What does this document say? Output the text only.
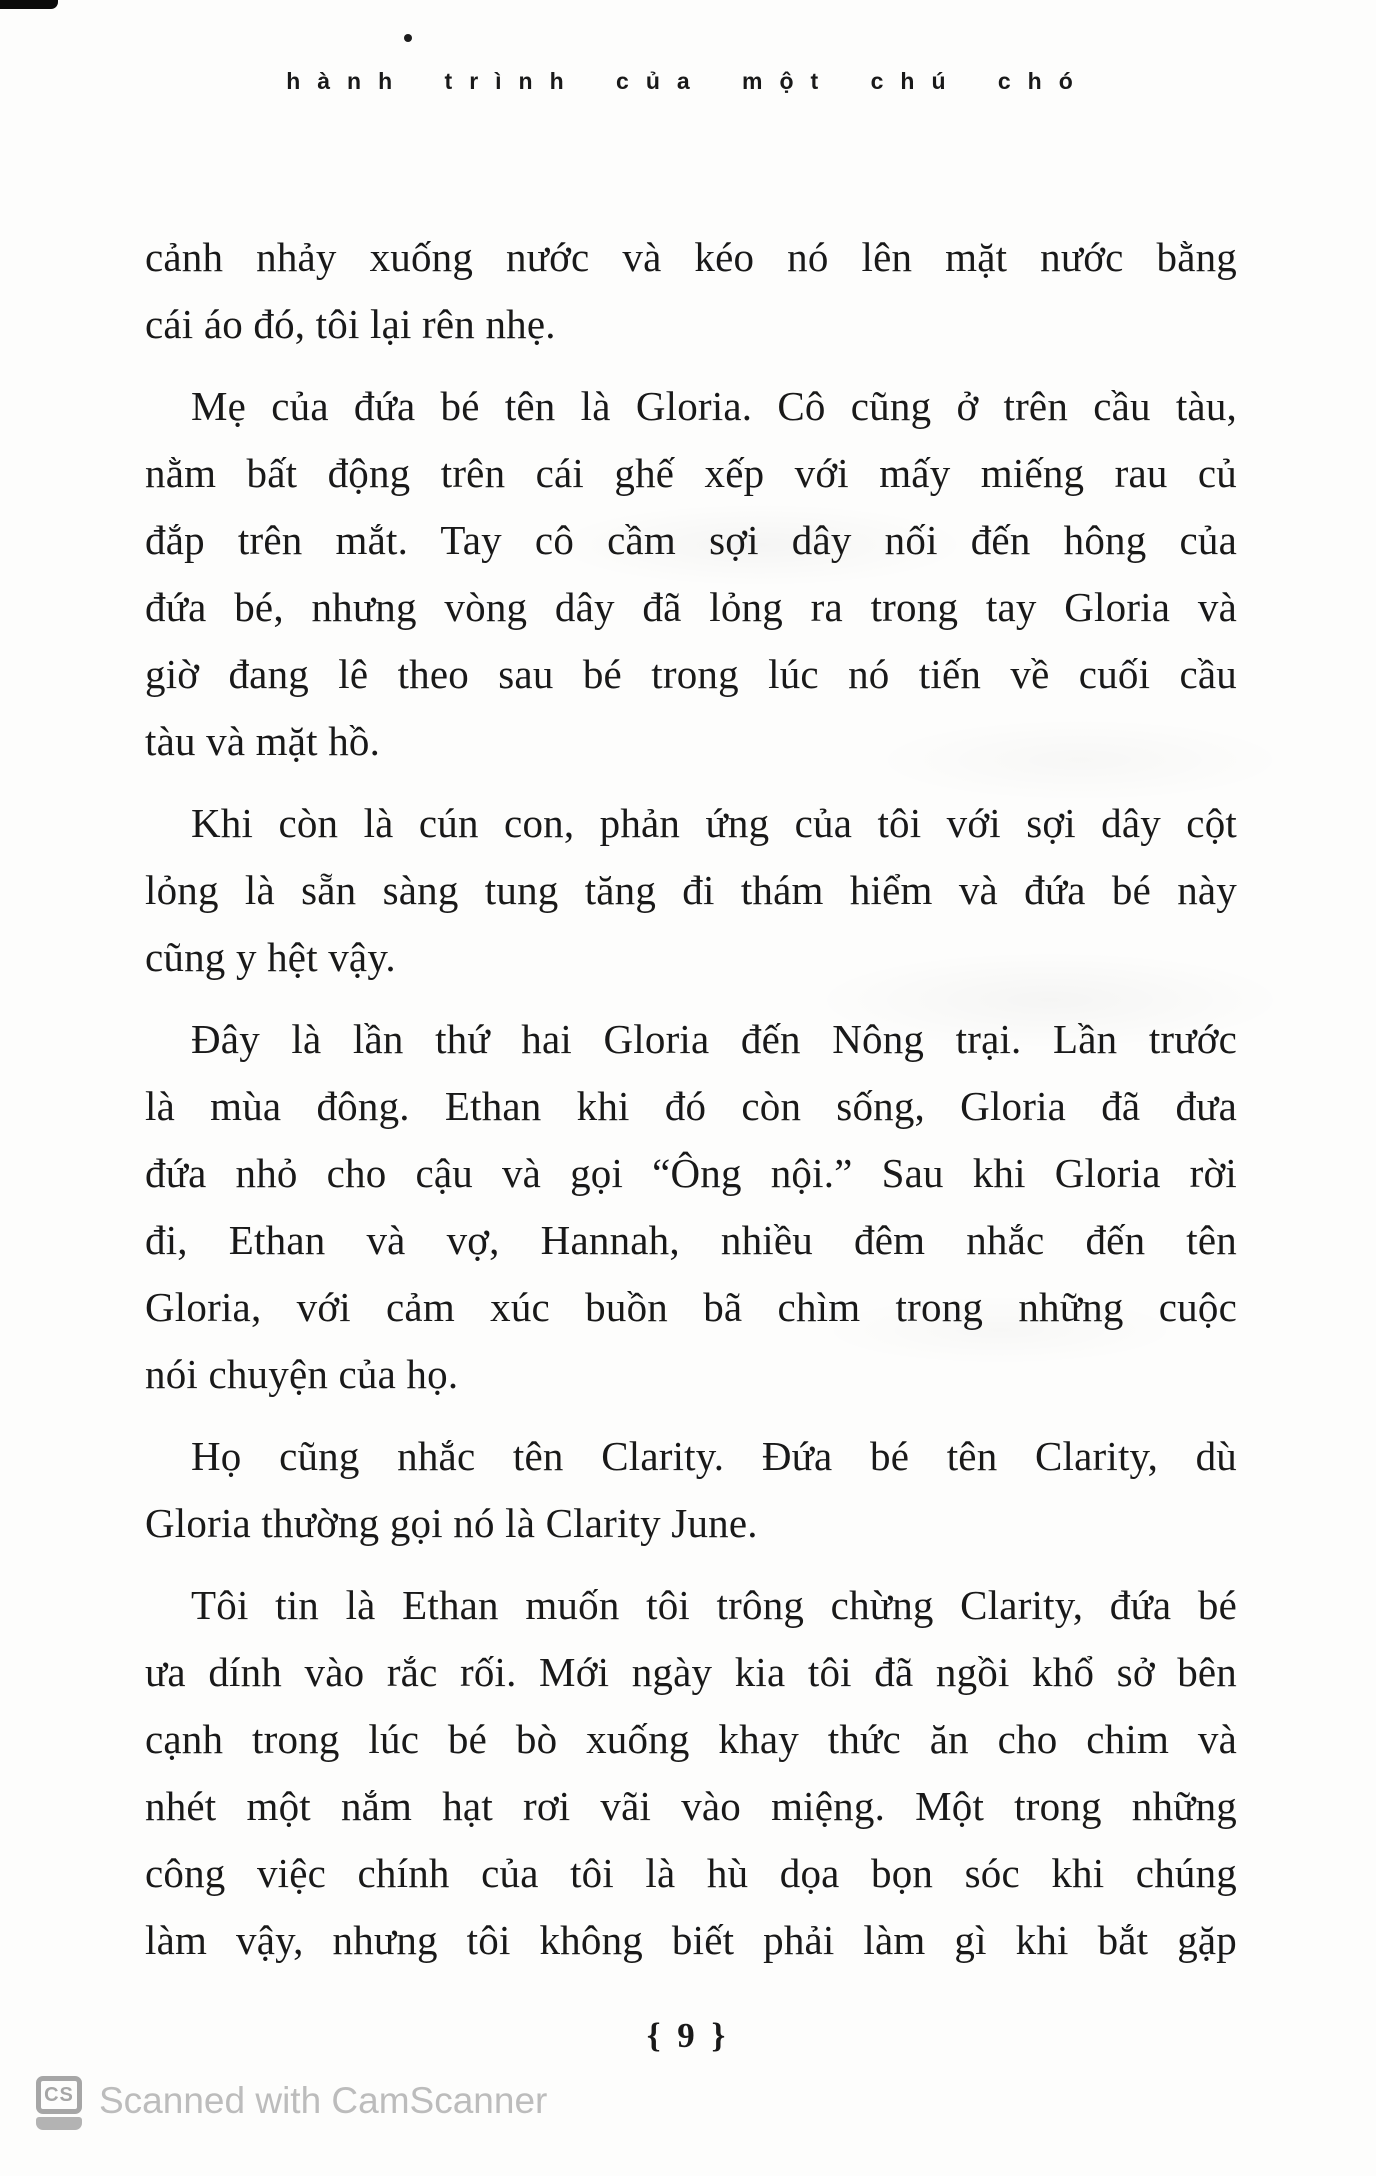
hành trình của một chú chó
cảnh nhảy xuống nước và kéo nó lên mặt nước bằng
cái áo đó, tôi lại rên nhẹ.
Mẹ của đứa bé tên là Gloria. Cô cũng ở trên cầu tàu,
nằm bất động trên cái ghế xếp với mấy miếng rau củ
đắp trên mắt. Tay cô cầm sợi dây nối đến hông của
đứa bé, nhưng vòng dây đã lỏng ra trong tay Gloria và
giờ đang lê theo sau bé trong lúc nó tiến về cuối cầu
tàu và mặt hồ.
Khi còn là cún con, phản ứng của tôi với sợi dây cột
lỏng là sẵn sàng tung tăng đi thám hiểm và đứa bé này
cũng y hệt vậy.
Đây là lần thứ hai Gloria đến Nông trại. Lần trước
là mùa đông. Ethan khi đó còn sống, Gloria đã đưa
đứa nhỏ cho cậu và gọi “Ông nội.” Sau khi Gloria rời
đi, Ethan và vợ, Hannah, nhiều đêm nhắc đến tên
Gloria, với cảm xúc buồn bã chìm trong những cuộc
nói chuyện của họ.
Họ cũng nhắc tên Clarity. Đứa bé tên Clarity, dù
Gloria thường gọi nó là Clarity June.
Tôi tin là Ethan muốn tôi trông chừng Clarity, đứa bé
ưa dính vào rắc rối. Mới ngày kia tôi đã ngồi khổ sở bên
cạnh trong lúc bé bò xuống khay thức ăn cho chim và
nhét một nắm hạt rơi vãi vào miệng. Một trong những
công việc chính của tôi là hù dọa bọn sóc khi chúng
làm vậy, nhưng tôi không biết phải làm gì khi bắt gặp
{ 9 }
CS Scanned with CamScanner
